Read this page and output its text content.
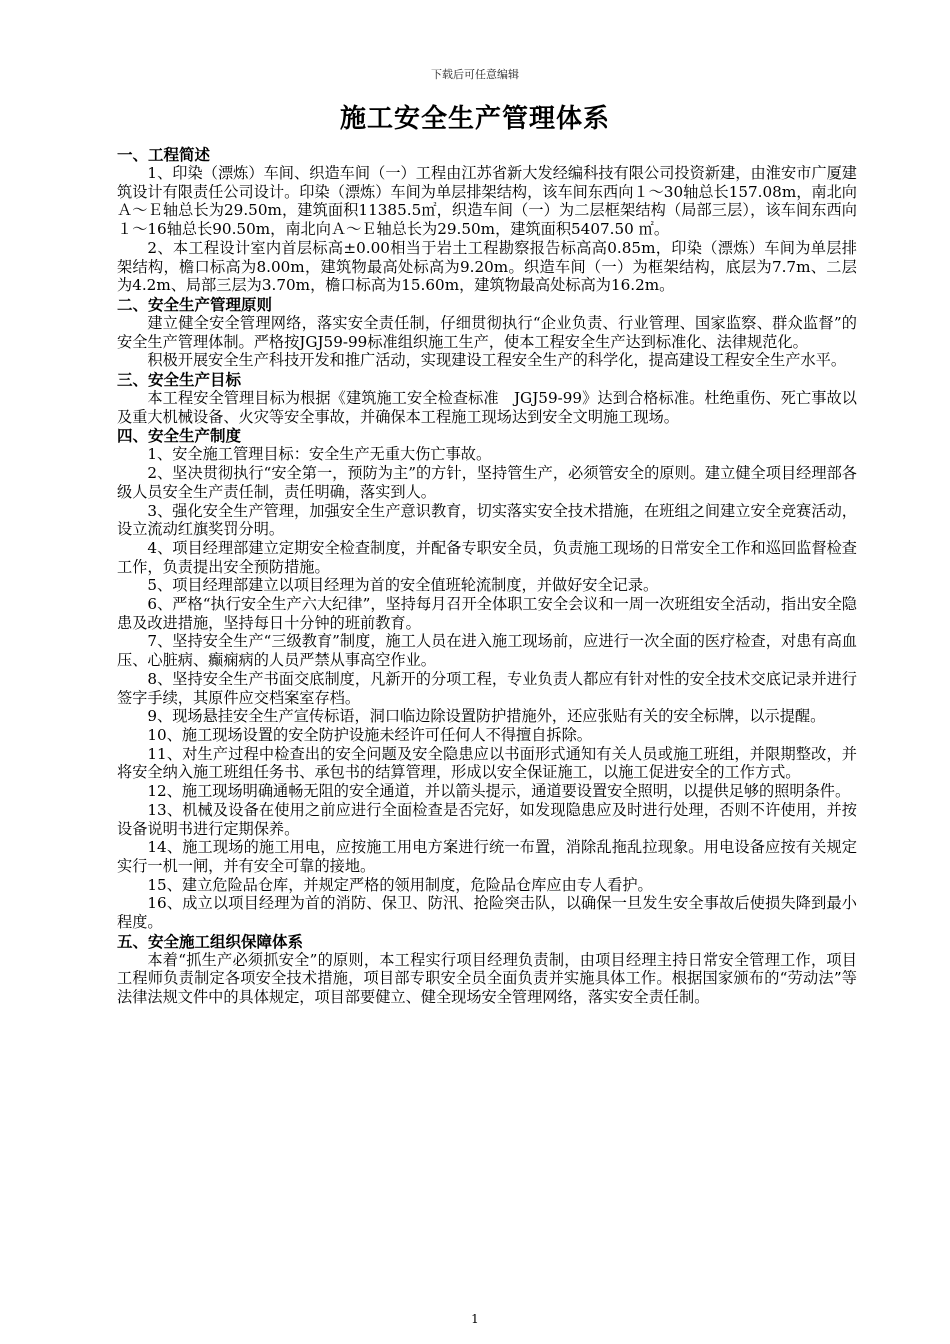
下载后可任意编辑
施工安全生产管理体系
一、工程简述

1、印染（漂炼）车间、织造车间（一）工程由江苏省新大发经编科技有限公司投资新建，由淮安市广厦建筑设计有限责任公司设计。印染（漂炼）车间为单层排架结构，该车间东西向１～30轴总长157.08m，南北向Ａ～Ｅ轴总长为29.50m，建筑面积11385.5㎡，织造车间（一）为二层框架结构（局部三层），该车间东西向１～16轴总长90.50m，南北向Ａ～Ｅ轴总长为29.50m，建筑面积5407.50 ㎡。

2、本工程设计室内首层标高±0.00相当于岩土工程勘察报告标高高0.85m，印染（漂炼）车间为单层排架结构，檐口标高为8.00m，建筑物最高处标高为9.20m。织造车间（一）为框架结构，底层为7.7m、二层为4.2m、局部三层为3.70m，檐口标高为15.60m，建筑物最高处标高为16.2m。

二、安全生产管理原则

建立健全安全管理网络，落实安全责任制，仔细贯彻执行“企业负责、行业管理、国家监察、群众监督”的安全生产管理体制。严格按JGJ59-99标准组织施工生产，使本工程安全生产达到标准化、法律规范化。

积极开展安全生产科技开发和推广活动，实现建设工程安全生产的科学化，提高建设工程安全生产水平。

三、安全生产目标

本工程安全管理目标为根据《建筑施工安全检查标准　JGJ59-99》达到合格标准。杜绝重伤、死亡事故以及重大机械设备、火灾等安全事故，并确保本工程施工现场达到安全文明施工现场。

四、安全生产制度

1、安全施工管理目标：安全生产无重大伤亡事故。

2、坚决贯彻执行“安全第一，预防为主”的方针，坚持管生产，必须管安全的原则。建立健全项目经理部各级人员安全生产责任制，责任明确，落实到人。

3、强化安全生产管理，加强安全生产意识教育，切实落实安全技术措施，在班组之间建立安全竞赛活动，设立流动红旗奖罚分明。

4、项目经理部建立定期安全检查制度，并配备专职安全员，负责施工现场的日常安全工作和巡回监督检查工作，负责提出安全预防措施。

5、项目经理部建立以项目经理为首的安全值班轮流制度，并做好安全记录。

6、严格“执行安全生产六大纪律”，坚持每月召开全体职工安全会议和一周一次班组安全活动，指出安全隐患及改进措施，坚持每日十分钟的班前教育。

7、坚持安全生产“三级教育”制度，施工人员在进入施工现场前，应进行一次全面的医疗检查，对患有高血压、心脏病、癫痫病的人员严禁从事高空作业。

8、坚持安全生产书面交底制度，凡新开的分项工程，专业负责人都应有针对性的安全技术交底记录并进行签字手续，其原件应交档案室存档。

9、现场悬挂安全生产宣传标语，洞口临边除设置防护措施外，还应张贴有关的安全标牌，以示提醒。

10、施工现场设置的安全防护设施未经许可任何人不得擅自拆除。

11、对生产过程中检查出的安全问题及安全隐患应以书面形式通知有关人员或施工班组，并限期整改，并将安全纳入施工班组任务书、承包书的结算管理，形成以安全保证施工，以施工促进安全的工作方式。

12、施工现场明确通畅无阻的安全通道，并以箭头提示，通道要设置安全照明，以提供足够的照明条件。

13、机械及设备在使用之前应进行全面检查是否完好，如发现隐患应及时进行处理，否则不许使用，并按设备说明书进行定期保养。

14、施工现场的施工用电，应按施工用电方案进行统一布置，消除乱拖乱拉现象。用电设备应按有关规定实行一机一闸，并有安全可靠的接地。

15、建立危险品仓库，并规定严格的领用制度，危险品仓库应由专人看护。

16、成立以项目经理为首的消防、保卫、防汛、抢险突击队，以确保一旦发生安全事故后使损失降到最小程度。

五、安全施工组织保障体系

本着“抓生产必须抓安全”的原则，本工程实行项目经理负责制，由项目经理主持日常安全管理工作，项目工程师负责制定各项安全技术措施，项目部专职安全员全面负责并实施具体工作。根据国家颁布的“劳动法”等法律法规文件中的具体规定，项目部要健立、健全现场安全管理网络，落实安全责任制。

1
